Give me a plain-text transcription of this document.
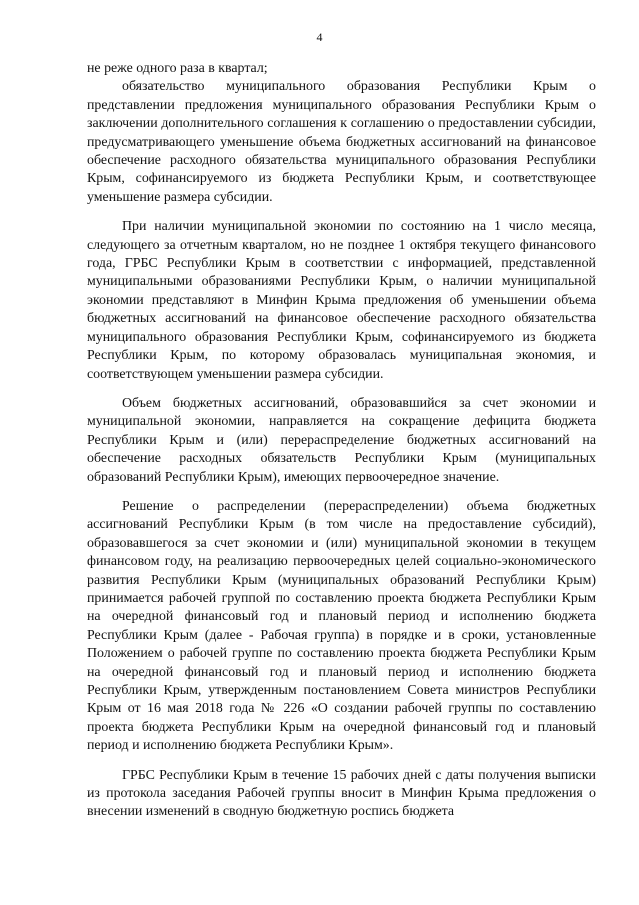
4

не реже одного раза в квартал;

обязательство муниципального образования Республики Крым о представлении предложения муниципального образования Республики Крым о заключении дополнительного соглашения к соглашению о предоставлении субсидии, предусматривающего уменьшение объема бюджетных ассигнований на финансовое обеспечение расходного обязательства муниципального образования Республики Крым, софинансируемого из бюджета Республики Крым, и соответствующее уменьшение размера субсидии.

При наличии муниципальной экономии по состоянию на 1 число месяца, следующего за отчетным кварталом, но не позднее 1 октября текущего финансового года, ГРБС Республики Крым в соответствии с информацией, представленной муниципальными образованиями Республики Крым, о наличии муниципальной экономии представляют в Минфин Крыма предложения об уменьшении объема бюджетных ассигнований на финансовое обеспечение расходного обязательства муниципального образования Республики Крым, софинансируемого из бюджета Республики Крым, по которому образовалась муниципальная экономия, и соответствующем уменьшении размера субсидии.

Объем бюджетных ассигнований, образовавшийся за счет экономии и муниципальной экономии, направляется на сокращение дефицита бюджета Республики Крым и (или) перераспределение бюджетных ассигнований на обеспечение расходных обязательств Республики Крым (муниципальных образований Республики Крым), имеющих первоочередное значение.

Решение о распределении (перераспределении) объема бюджетных ассигнований Республики Крым (в том числе на предоставление субсидий), образовавшегося за счет экономии и (или) муниципальной экономии в текущем финансовом году, на реализацию первоочередных целей социально-экономического развития Республики Крым (муниципальных образований Республики Крым) принимается рабочей группой по составлению проекта бюджета Республики Крым на очередной финансовый год и плановый период и исполнению бюджета Республики Крым (далее - Рабочая группа) в порядке и в сроки, установленные Положением о рабочей группе по составлению проекта бюджета Республики Крым на очередной финансовый год и плановый период и исполнению бюджета Республики Крым, утвержденным постановлением Совета министров Республики Крым от 16 мая 2018 года № 226 «О создании рабочей группы по составлению проекта бюджета Республики Крым на очередной финансовый год и плановый период и исполнению бюджета Республики Крым».

ГРБС Республики Крым в течение 15 рабочих дней с даты получения выписки из протокола заседания Рабочей группы вносит в Минфин Крыма предложения о внесении изменений в сводную бюджетную роспись бюджета
